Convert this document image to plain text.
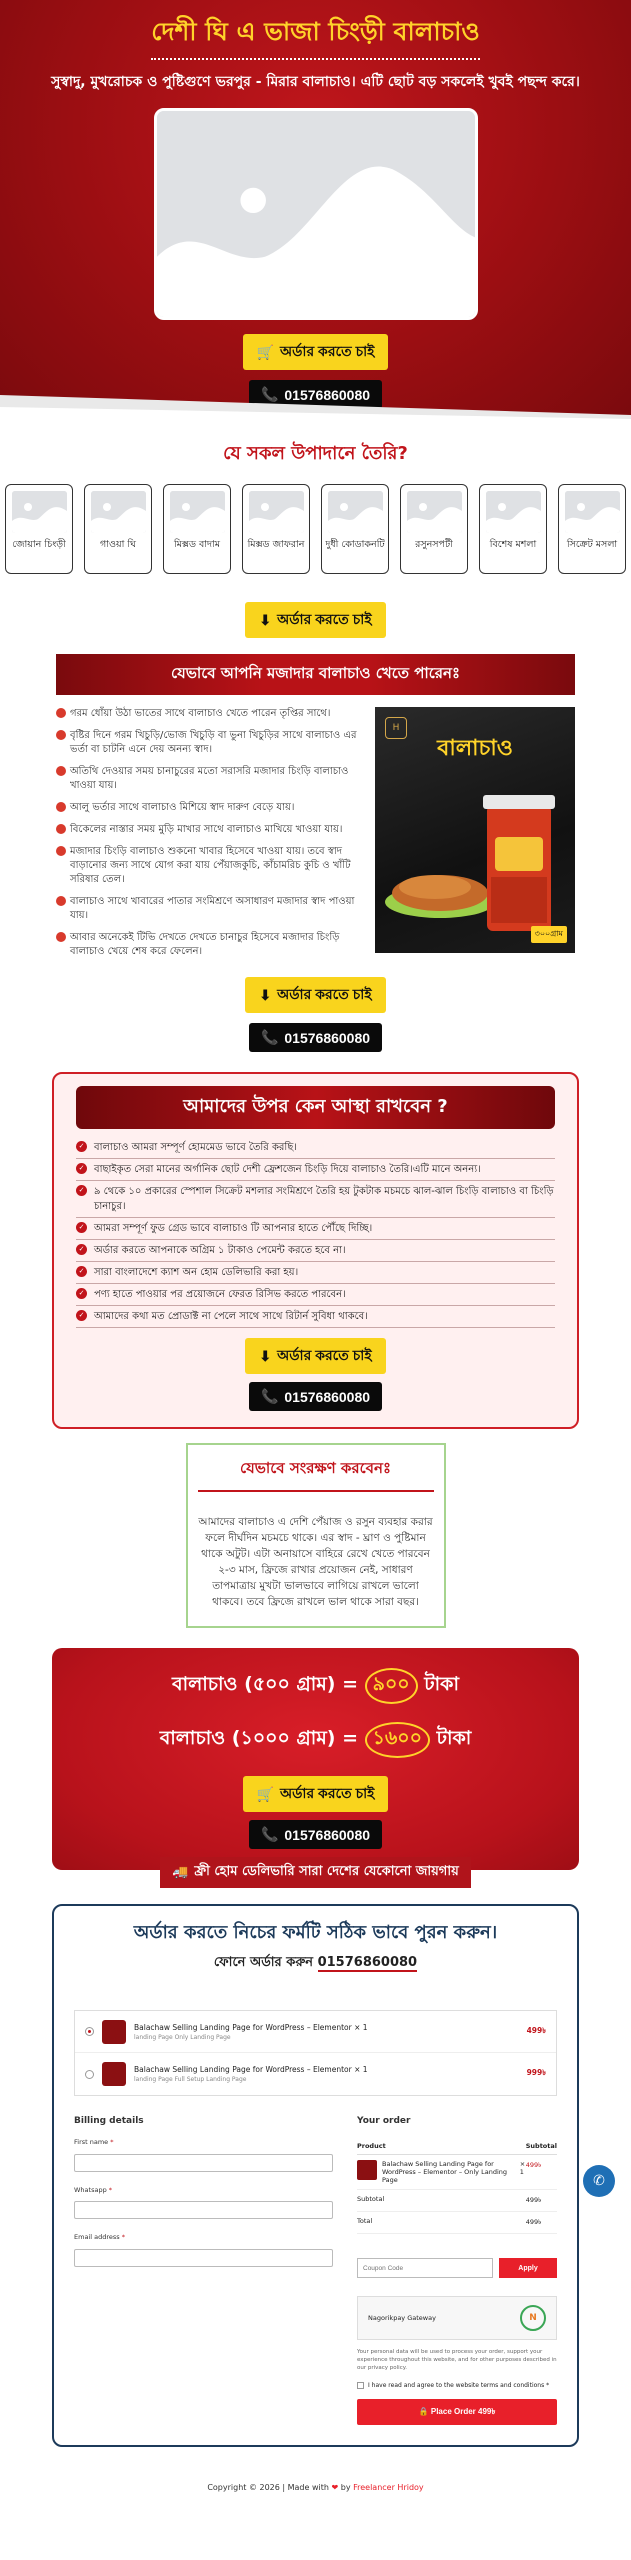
দেশী ঘি এ ভাজা চিংড়ী বালাচাও

সুস্বাদু, মুখরোচক ও পুষ্টিগুণে ভরপুর - মিরার বালাচাও। এটি ছোট বড় সকলেই খুবই পছন্দ করে।

🛒 অর্ডার করতে চাই
📞 01576860080
যে সকল উপাদানে তৈরি?
জোয়ান চিংড়ী	গাওয়া ঘি	মিক্সড বাদাম	মিক্সড জাফরান	দুধী কোডাকনটি	রসুনসপটী	বিশেষ মশলা	সিক্রেট মসলা
⬇ অর্ডার করতে চাই
যেভাবে আপনি মজাদার বালাচাও খেতে পারেনঃ
গরম ধোঁয়া উঠা ভাতের সাথে বালাচাও খেতে পারেন তৃপ্তির সাথে।
বৃষ্টির দিনে গরম খিচুড়ি/ভোজ খিচুড়ি বা ভুনা খিচুড়ির সাথে বালাচাও এর ভর্তা বা চাটনি এনে দেয় অনন্য স্বাদ।
অতিথি দেওয়ার সময় চানাচুরের মতো সরাসরি মজাদার চিংড়ি বালাচাও খাওয়া যায়।
আলু ভর্তার সাথে বালাচাও মিশিয়ে স্বাদ দারুণ বেড়ে যায়।
বিকেলের নাস্তার সময় মুড়ি মাখার সাথে বালাচাও মাখিয়ে খাওয়া যায়।
মজাদার চিংড়ি বালাচাও শুকনো খাবার হিসেবে খাওয়া যায়। তবে স্বাদ বাড়ানোর জন্য সাথে যোগ করা যায় পেঁয়াজকুচি, কাঁচামরিচ কুচি ও খাঁটি সরিষার তেল।
বালাচাও সাথে খাবারের পাতার সংমিশ্রণে অসাধারণ মজাদার স্বাদ পাওয়া যায়।
আবার অনেকেই টিভি দেখতে দেখতে চানাচুর হিসেবে মজাদার চিংড়ি বালাচাও খেয়ে শেষ করে ফেলেন।
H
বালাচাও
৩০০গ্রাম
⬇ অর্ডার করতে চাই
📞 01576860080
আমাদের উপর কেন আস্থা রাখবেন ?
✓ বালাচাও আমরা সম্পূর্ণ হোমমেড ভাবে তৈরি করছি।
✓ বাছাইকৃত সেরা মানের অর্গানিক ছোট দেশী ফ্রেশজেন চিংড়ি দিয়ে বালাচাও তৈরি।এটি মানে অনন্য।
✓ ৯ থেকে ১০ প্রকারের স্পেশাল সিক্রেট মশলার সংমিশ্রণে তৈরি হয় টুকটাক মচমচে ঝাল-ঝাল চিংড়ি বালাচাও বা চিংড়ি চানাচুর।
✓ আমরা সম্পূর্ণ ফুড গ্রেড ভাবে বালাচাও টি আপনার হাতে পৌঁছে দিচ্ছি।
✓ অর্ডার করতে আপনাকে অগ্রিম ১ টাকাও পেমেন্ট করতে হবে না।
✓ সারা বাংলাদেশে ক্যাশ অন হোম ডেলিভারি করা হয়।
✓ পণ্য হাতে পাওয়ার পর প্রয়োজনে ফেরত রিসিভ করতে পারবেন।
✓ আমাদের কথা মত প্রোডাক্ট না পেলে সাথে সাথে রিটার্ন সুবিধা থাকবে।
⬇ অর্ডার করতে চাই
📞 01576860080
যেভাবে সংরক্ষণ করবেনঃ

আমাদের বালাচাও এ দেশি পেঁয়াজ ও রসুন ব্যবহার করার ফলে দীর্ঘদিন মচমচে থাকে। এর স্বাদ - ঘ্রাণ ও পুষ্টিমান থাকে অটুট। এটা অনায়াসে বাহিরে রেখে খেতে পারবেন ২-৩ মাস, ফ্রিজে রাখার প্রয়োজন নেই, সাধারণ তাপমাত্রায় মুখটা ভালভাবে লাগিয়ে রাখলে ভালো থাকবে। তবে ফ্রিজে রাখলে ভাল থাকে সারা বছর।

বালাচাও (৫০০ গ্রাম) = ৯০০ টাকা
বালাচাও (১০০০ গ্রাম) = ১৬০০ টাকা
🛒 অর্ডার করতে চাই
📞 01576860080
🚚 ফ্রী হোম ডেলিভারি সারা দেশের যেকোনো জায়গায়
অর্ডার করতে নিচের ফর্মটি সঠিক ভাবে পুরন করুন।

ফোনে অর্ডার করুন 01576860080

Balachaw Selling Landing Page for WordPress – Elementor × 1
landing Page Only Landing Page
499৳
Balachaw Selling Landing Page for WordPress – Elementor × 1
landing Page Full Setup Landing Page
999৳
Billing details
First name *
Whatsapp *
Email address *
Your order
Product	Subtotal

Balachaw Selling Landing Page for WordPress – Elementor – Only Landing Page
× 1	499৳
Subtotal	499৳
Total	499৳
Coupon Code
Apply
Nagorikpay Gateway	N

Your personal data will be used to process your order, support your experience throughout this website, and for other purposes described in our privacy policy.

I have read and agree to the website terms and conditions *
🔒 Place Order 499৳
✆
Copyright © 2026 | Made with ❤ by Freelancer Hridoy
